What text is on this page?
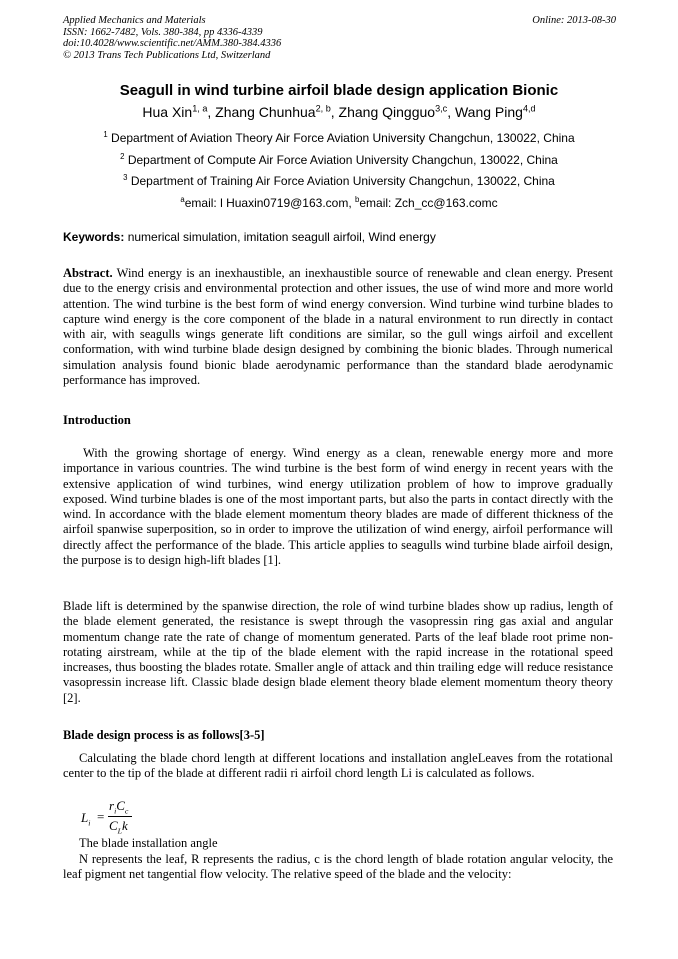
Applied Mechanics and Materials
ISSN: 1662-7482, Vols. 380-384, pp 4336-4339
doi:10.4028/www.scientific.net/AMM.380-384.4336
© 2013 Trans Tech Publications Ltd, Switzerland
Online: 2013-08-30
Seagull in wind turbine airfoil blade design application Bionic
Hua Xin$^{1, a}$, Zhang Chunhua$^{2, b}$, Zhang Qingguo$^{3,c}$, Wang Ping$^{4,d}$
$^1$ Department of Aviation Theory Air Force Aviation University Changchun, 130022, China
$^2$ Department of Compute Air Force Aviation University Changchun, 130022, China
$^3$ Department of Training Air Force Aviation University Changchun, 130022, China
$^a$email: l Huaxin0719@163.com, $^b$email: Zch_cc@163.comc
Keywords: numerical simulation, imitation seagull airfoil, Wind energy
Abstract. Wind energy is an inexhaustible, an inexhaustible source of renewable and clean energy. Present due to the energy crisis and environmental protection and other issues, the use of wind more and more world attention. The wind turbine is the best form of wind energy conversion. Wind turbine wind turbine blades to capture wind energy is the core component of the blade in a natural environment to run directly in contact with air, with seagulls wings generate lift conditions are similar, so the gull wings airfoil and excellent conformation, with wind turbine blade design designed by combining the bionic blades. Through numerical simulation analysis found bionic blade aerodynamic performance than the standard blade aerodynamic performance has improved.
Introduction
With the growing shortage of energy. Wind energy as a clean, renewable energy more and more importance in various countries. The wind turbine is the best form of wind energy in recent years with the extensive application of wind turbines, wind energy utilization problem of how to improve gradually exposed. Wind turbine blades is one of the most important parts, but also the parts in contact directly with the wind. In accordance with the blade element momentum theory blades are made of different thickness of the airfoil spanwise superposition, so in order to improve the utilization of wind energy, airfoil performance will directly affect the performance of the blade. This article applies to seagulls wind turbine blade airfoil design, the purpose is to design high-lift blades [1].
Blade lift is determined by the spanwise direction, the role of wind turbine blades show up radius, length of the blade element generated, the resistance is swept through the vasopressin ring gas axial and angular momentum change rate the rate of change of momentum generated. Parts of the leaf blade root prime non-rotating airstream, while at the tip of the blade element with the rapid increase in the rotational speed increases, thus boosting the blades rotate. Smaller angle of attack and thin trailing edge will reduce resistance vasopressin increase lift. Classic blade design blade element theory blade element momentum theory theory [2].
Blade design process is as follows[3-5]
Calculating the blade chord length at different locations and installation angleLeaves from the rotational center to the tip of the blade at different radii ri airfoil chord length Li is calculated as follows.
$L_i$ =
$r_iC_c$
$C_Lk$
The blade installation angle
N represents the leaf, R represents the radius, c is the chord length of blade rotation angular velocity, the leaf pigment net tangential flow velocity. The relative speed of the blade and the velocity:
